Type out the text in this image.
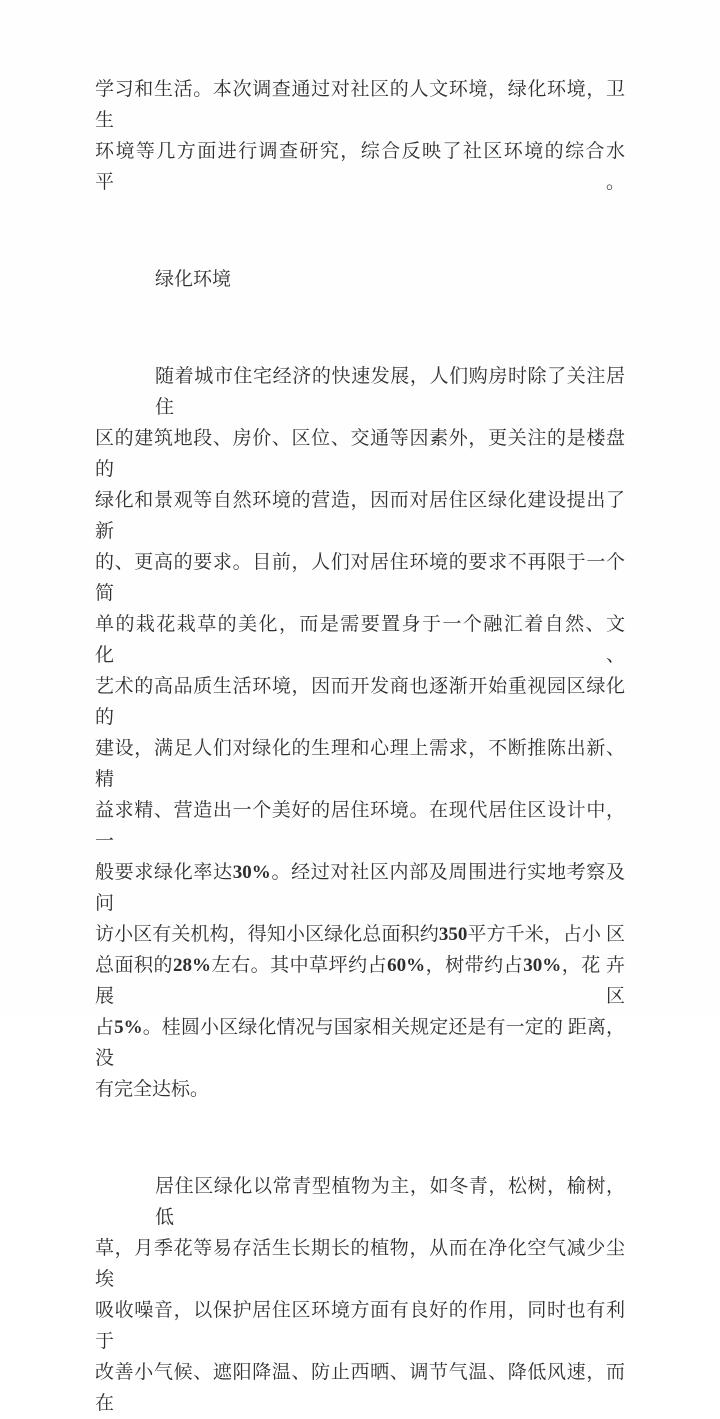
学习和生活。本次调查通过对社区的人文环境，绿化环境，卫生
环境等几方面进行调查研究，综合反映了社区环境的综合水平。
绿化环境
随着城市住宅经济的快速发展，人们购房时除了关注居住
区的建筑地段、房价、区位、交通等因素外，更关注的是楼盘的
绿化和景观等自然环境的营造，因而对居住区绿化建设提出了新
的、更高的要求。目前，人们对居住环境的要求不再限于一个简
单的栽花栽草的美化，而是需要置身于一个融汇着自然、文化、
艺术的高品质生活环境，因而开发商也逐渐开始重视园区绿化的
建设，满足人们对绿化的生理和心理上需求，不断推陈出新、精
益求精、营造出一个美好的居住环境。在现代居住区设计中，一
般要求绿化率达30%。经过对社区内部及周围进行实地考察及 问
访小区有关机构，得知小区绿化总面积约350平方千米，占小 区
总面积的28%左右。其中草坪约占60%，树带约占30%，花 卉展区
占5%。桂圆小区绿化情况与国家相关规定还是有一定的 距离，没
有完全达标。
居住区绿化以常青型植物为主，如冬青，松树，榆树，低
草，月季花等易存活生长期长的植物，从而在净化空气减少尘埃
吸收噪音，以保护居住区环境方面有良好的作用，同时也有利于
改善小气候、遮阳降温、防止西晒、调节气温、降低风速，而在
